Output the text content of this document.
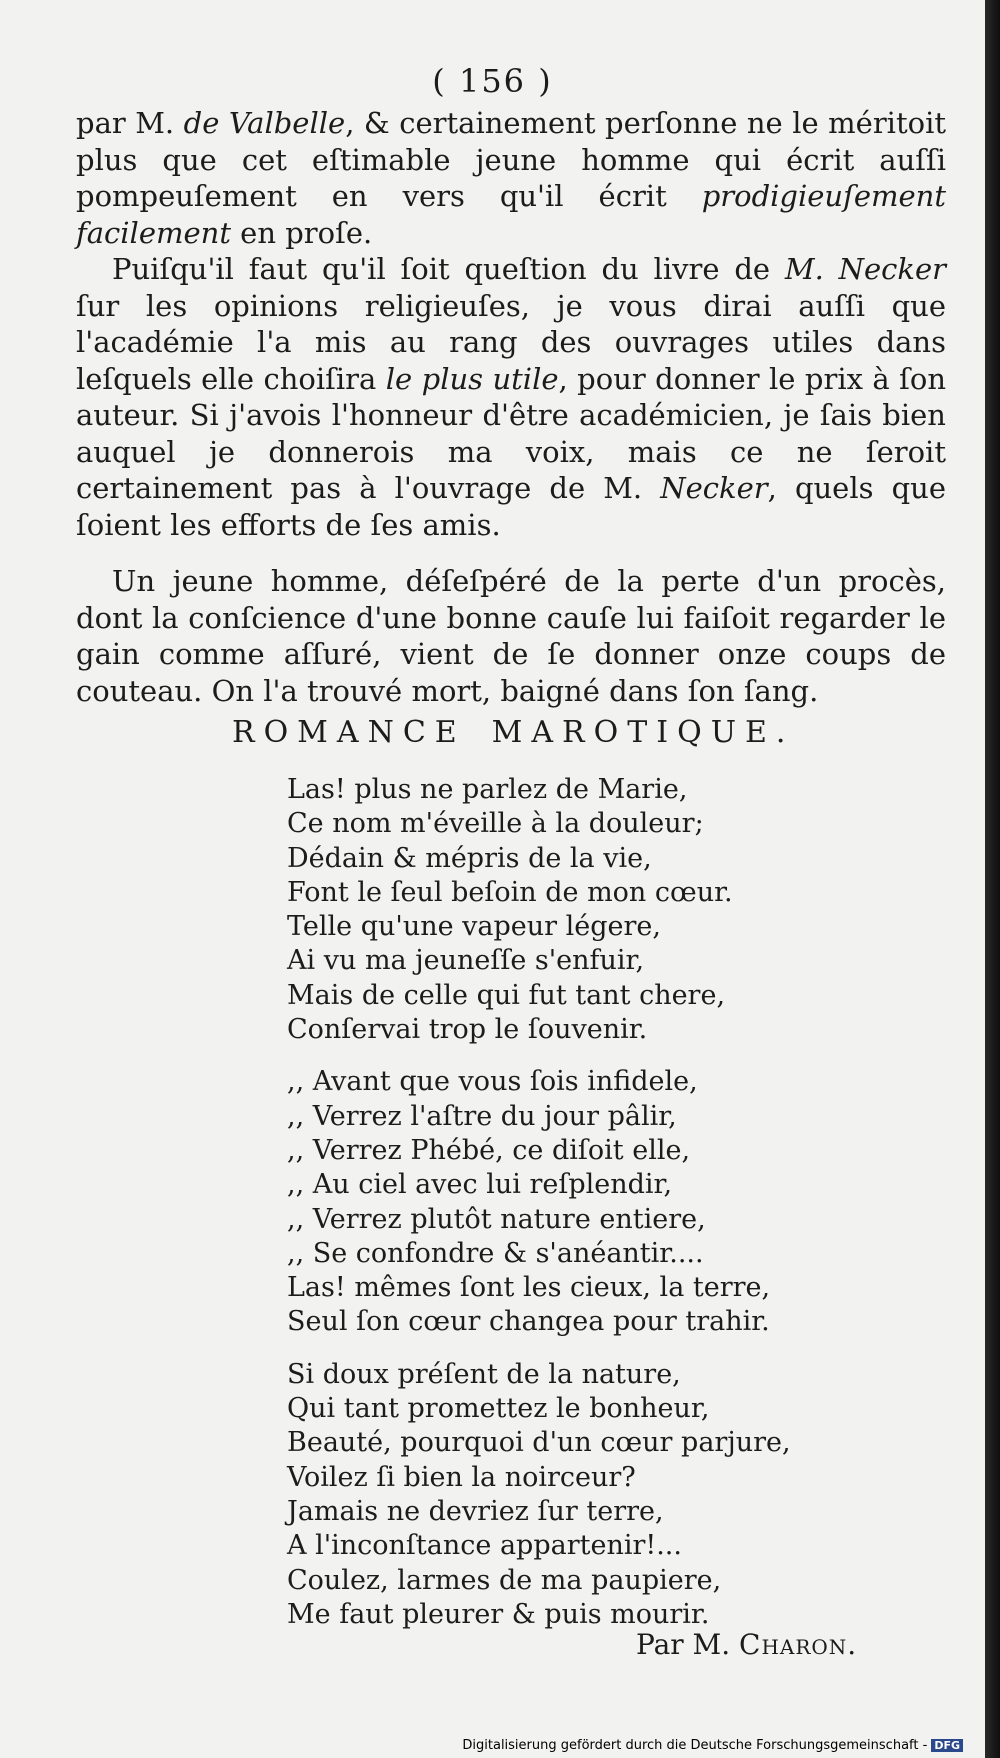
( 156 )

par M. de Valbelle, & certainement perſonne ne le méritoit plus que cet eſtimable jeune homme qui écrit auſſi pompeuſement en vers qu'il écrit prodigieuſement facilement en proſe.

Puiſqu'il faut qu'il ſoit queſtion du livre de M. Necker ſur les opinions religieuſes, je vous dirai auſſi que l'académie l'a mis au rang des ouvrages utiles dans leſquels elle choiſira le plus utile, pour donner le prix à ſon auteur. Si j'avois l'honneur d'être académicien, je ſais bien auquel je donnerois ma voix, mais ce ne ſeroit certainement pas à l'ouvrage de M. Necker, quels que ſoient les efforts de ſes amis.

Un jeune homme, déſeſpéré de la perte d'un procès, dont la conſcience d'une bonne cauſe lui faiſoit regarder le gain comme aſſuré, vient de ſe donner onze coups de couteau. On l'a trouvé mort, baigné dans ſon ſang.

ROMANCE MAROTIQUE.
Las! plus ne parlez de Marie,
Ce nom m'éveille à la douleur;
Dédain & mépris de la vie,
Font le ſeul beſoin de mon cœur.
Telle qu'une vapeur légere,
Ai vu ma jeuneſſe s'enfuir,
Mais de celle qui fut tant chere,
Conſervai trop le ſouvenir.
,, Avant que vous ſois infidele,
,, Verrez l'aſtre du jour pâlir,
,, Verrez Phébé, ce diſoit elle,
,, Au ciel avec lui reſplendir,
,, Verrez plutôt nature entiere,
,, Se confondre & s'anéantir....
Las! mêmes ſont les cieux, la terre,
Seul ſon cœur changea pour trahir.
Si doux préſent de la nature,
Qui tant promettez le bonheur,
Beauté, pourquoi d'un cœur parjure,
Voilez ſi bien la noirceur?
Jamais ne devriez ſur terre,
A l'inconſtance appartenir!...
Coulez, larmes de ma paupiere,
Me faut pleurer & puis mourir.
Par M. Charon.
Digitalisierung gefördert durch die Deutsche Forschungsgemeinschaft - DFG
